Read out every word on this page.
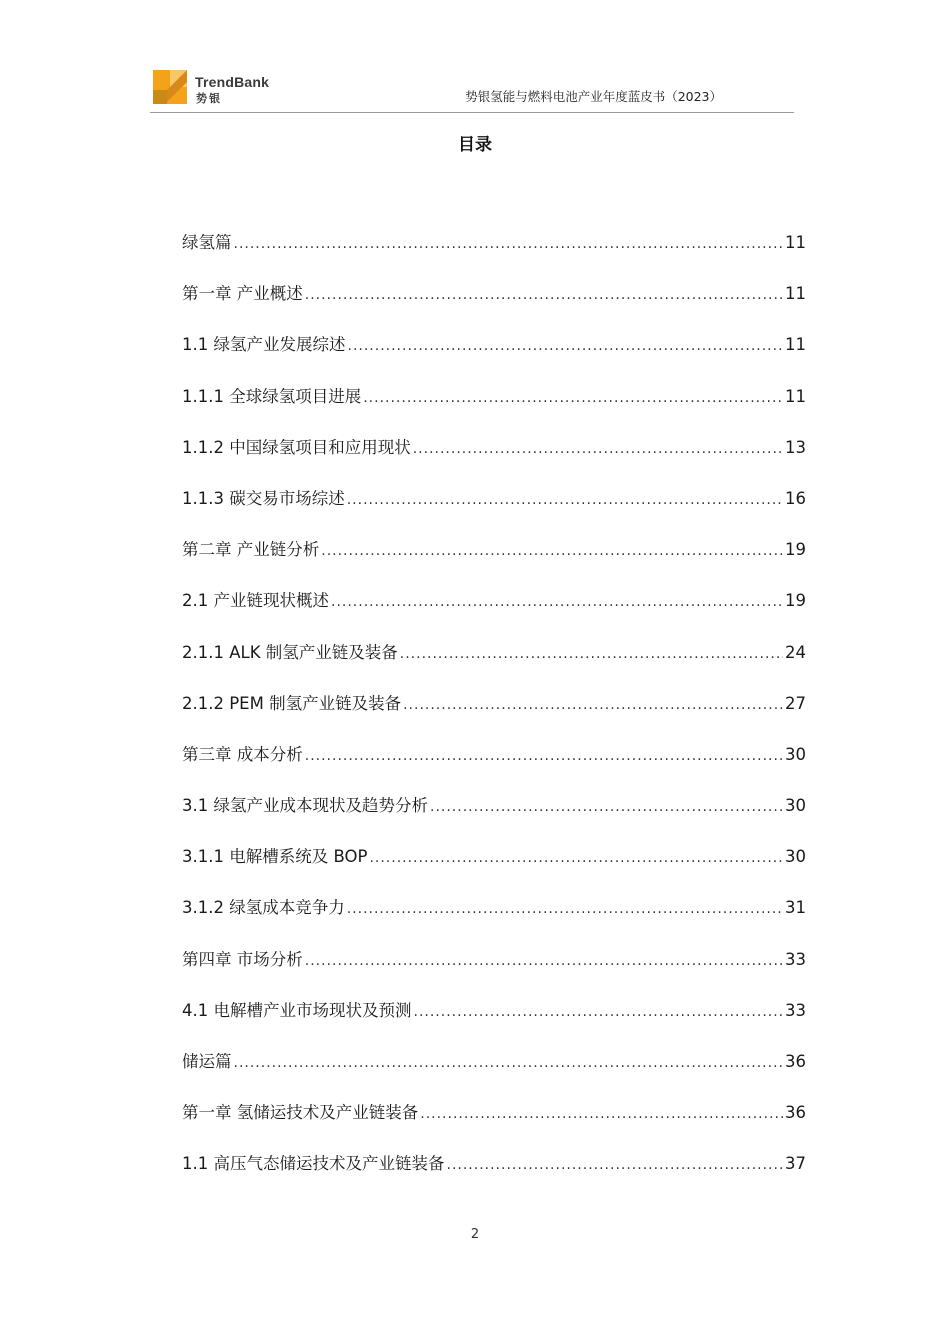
TrendBank
势银	势银氢能与燃料电池产业年度蓝皮书（2023）
目录
绿氢篇 .....	11
第一章 产业概述 .....	11
1.1 绿氢产业发展综述 .....	11
1.1.1 全球绿氢项目进展 .....	11
1.1.2 中国绿氢项目和应用现状 .....	13
1.1.3 碳交易市场综述 .....	16
第二章 产业链分析 .....	19
2.1 产业链现状概述 .....	19
2.1.1 ALK 制氢产业链及装备 .....	24
2.1.2 PEM 制氢产业链及装备 .....	27
第三章 成本分析 .....	30
3.1 绿氢产业成本现状及趋势分析 .....	30
3.1.1 电解槽系统及 BOP .....	30
3.1.2 绿氢成本竞争力 .....	31
第四章 市场分析 .....	33
4.1 电解槽产业市场现状及预测 .....	33
储运篇 .....	36
第一章 氢储运技术及产业链装备 .....	36
1.1 高压气态储运技术及产业链装备 .....	37
2
